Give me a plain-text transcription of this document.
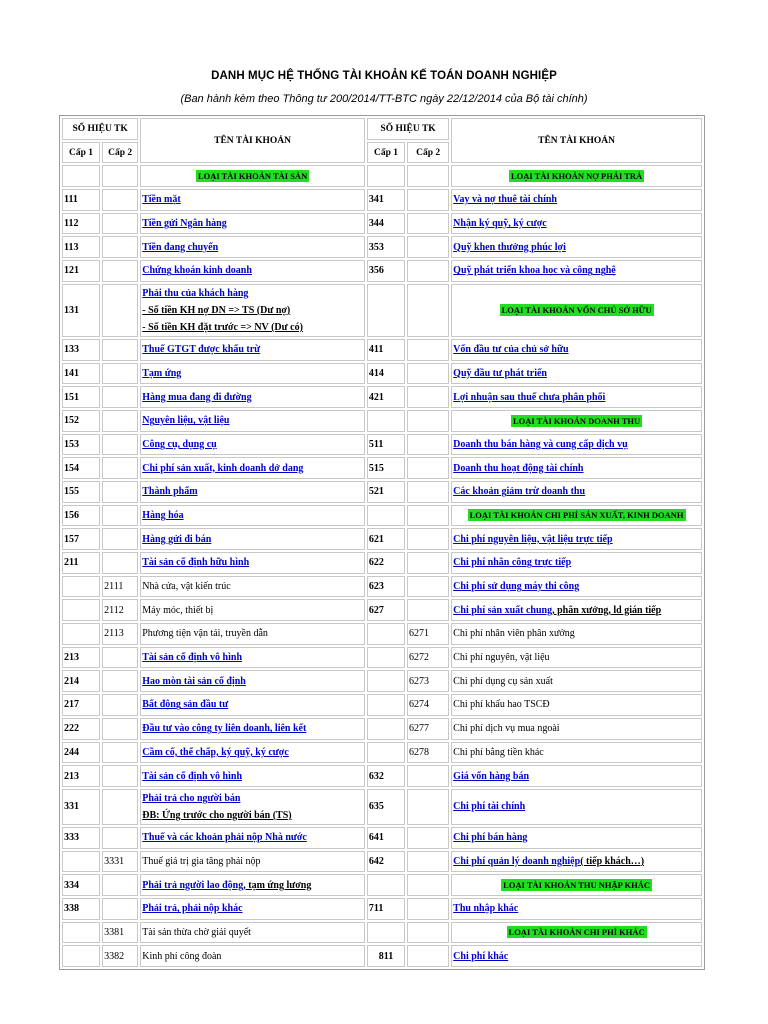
DANH MỤC HỆ THỐNG TÀI KHOẢN KẾ TOÁN DOANH NGHIỆP
(Ban hành kèm theo Thông tư 200/2014/TT-BTC ngày 22/12/2014 của Bộ tài chính)
SỐ HIỆU TK		TÊN TÀI KHOẢN	SỐ HIỆU TK		TÊN TÀI KHOẢN
Cấp 1	Cấp 2		Cấp 1	Cấp 2	
		LOẠI TÀI KHOẢN TÀI SẢN			LOẠI TÀI KHOẢN NỢ PHẢI TRẢ
111		Tiền mặt	341		Vay và nợ thuê tài chính
112		Tiền gửi Ngân hàng	344		Nhận ký quỹ, ký cược
113		Tiền đang chuyển	353		Quỹ khen thưởng phúc lợi
121		Chứng khoán kinh doanh	356		Quỹ phát triển khoa học và công nghệ
131		Phải thu của khách hàng
- Số tiền KH nợ DN => TS (Dư nợ)
- Số tiền KH đặt trước => NV (Dư có)			LOẠI TÀI KHOẢN VỐN CHỦ SỞ HỮU
133		Thuế GTGT được khấu trừ	411		Vốn đầu tư của chủ sở hữu
141		Tạm ứng	414		Quỹ đầu tư phát triển
151		Hàng mua đang đi đường	421		Lợi nhuận sau thuế chưa phân phối
152		Nguyên liệu, vật liệu			LOẠI TÀI KHOẢN DOANH THU
153		Công cụ, dụng cụ	511		Doanh thu bán hàng và cung cấp dịch vụ
154		Chi phí sản xuất, kinh doanh dở dang	515		Doanh thu hoạt động tài chính
155		Thành phẩm	521		Các khoản giảm trừ doanh thu
156		Hàng hóa			LOẠI TÀI KHOẢN CHI PHÍ SẢN XUẤT, KINH DOANH
157		Hàng gửi đi bán	621		Chi phí nguyên liệu, vật liệu trực tiếp
211		Tài sản cố định hữu hình	622		Chi phí nhân công trực tiếp
	2111	Nhà cửa, vật kiến trúc	623		Chi phí sử dụng máy thi công
	2112	Máy móc, thiết bị	627		Chi phí sản xuất chung, phân xưởng, ld gián tiếp
	2113	Phương tiện vận tải, truyền dẫn		6271	Chi phí nhân viên phân xưởng
213		Tài sản cố định vô hình		6272	Chi phí nguyên, vật liệu
214		Hao mòn tài sản cố định		6273	Chi phí dụng cụ sản xuất
217		Bất động sản đầu tư		6274	Chi phí khấu hao TSCĐ
222		Đầu tư vào công ty liên doanh, liên kết		6277	Chi phí dịch vụ mua ngoài
244		Cầm cố, thế chấp, ký quỹ, ký cược		6278	Chi phí bằng tiền khác
213		Tài sản cố định vô hình	632		Giá vốn hàng bán
331		Phải trả cho người bán
ĐB: Ứng trước cho người bán (TS)	635		Chi phí tài chính
333		Thuế và các khoản phải nộp Nhà nước	641		Chi phí bán hàng
	3331	Thuế giá trị gia tăng phải nộp	642		Chi phí quản lý doanh nghiệp( tiếp khách…)
334		Phải trả người lao động, tạm ứng lương			LOẠI TÀI KHOẢN THU NHẬP KHÁC
338		Phải trả, phải nộp khác	711		Thu nhập khác
	3381	Tài sản thừa chờ giải quyết			LOẠI TÀI KHOẢN CHI PHÍ KHÁC
	3382	Kinh phí công đoàn	811		Chi phí khác
